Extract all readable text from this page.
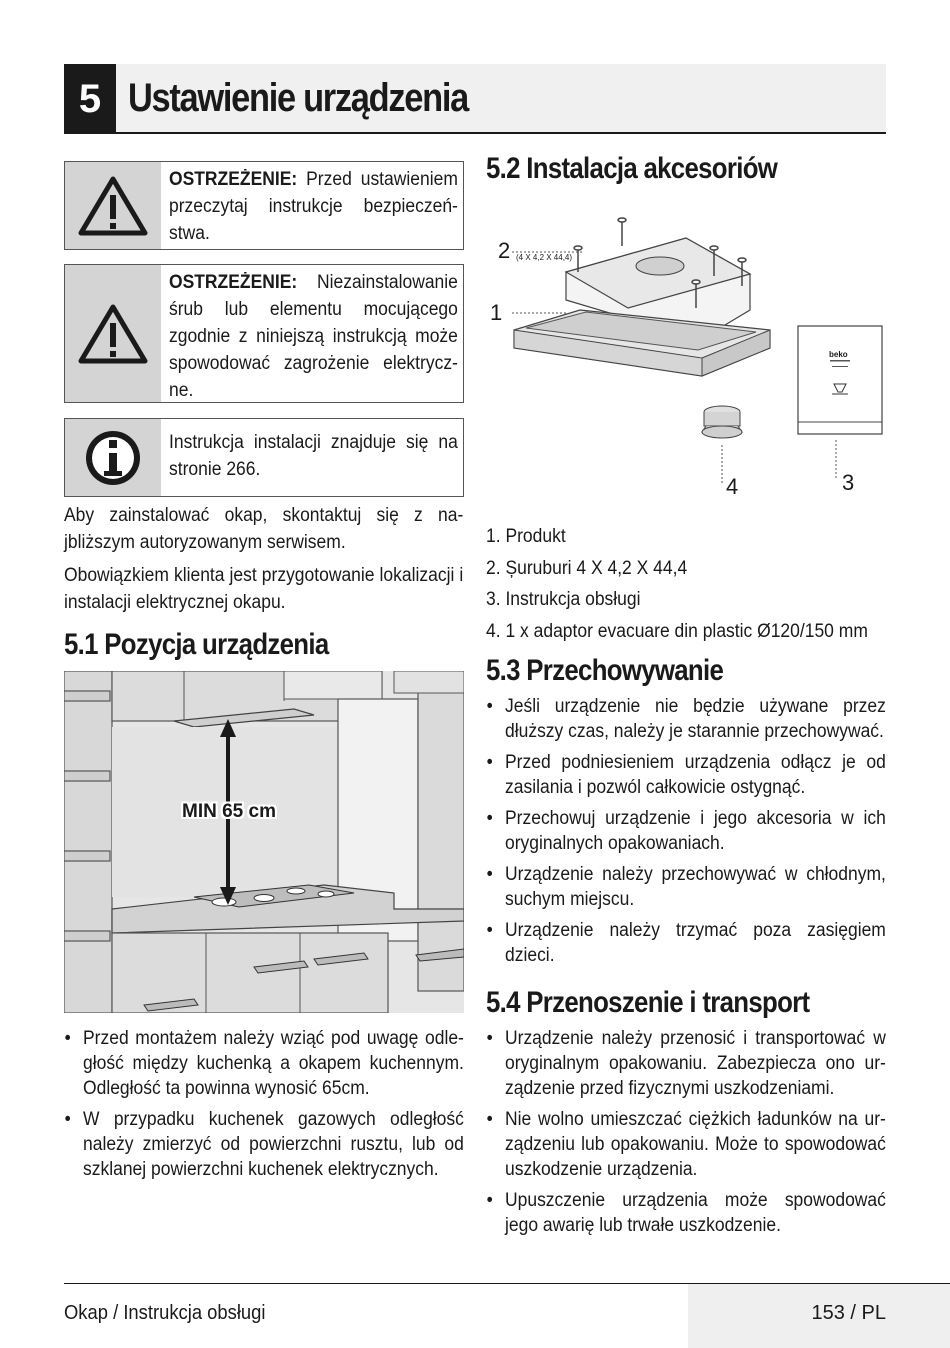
5 Ustawienie urządzenia
OSTRZEŻENIE: Przed ustawieniem przeczytaj instrukcje bezpieczeń-stwa.
OSTRZEŻENIE: Niezainstalowanie śrub lub elementu mocującego zgodnie z niniejszą instrukcją może spowodować zagrożenie elektrycz-ne.
Instrukcja instalacji znajduje się na stronie 266.
Aby zainstalować okap, skontaktuj się z na-jbliższym autoryzowanym serwisem.
Obowiązkiem klienta jest przygotowanie lokalizacji i instalacji elektrycznej okapu.
5.1 Pozycja urządzenia
MIN 65 cm
• Przed montażem należy wziąć pod uwagę odle-głość między kuchenką a okapem kuchennym. Odległość ta powinna wynosić 65cm.
• W przypadku kuchenek gazowych odległość należy zmierzyć od powierzchni rusztu, lub od szklanej powierzchni kuchenek elektrycznych.
5.2 Instalacja akcesoriów
2 (4 X 4,2 X 44,4)
1
4	3
beko
1. Produkt
2. Șuruburi 4 X 4,2 X 44,4
3. Instrukcja obsługi
4. 1 x adaptor evacuare din plastic Ø120/150 mm
5.3 Przechowywanie
• Jeśli urządzenie nie będzie używane przez dłuższy czas, należy je starannie przechowywać.
• Przed podniesieniem urządzenia odłącz je od zasilania i pozwól całkowicie ostygnąć.
• Przechowuj urządzenie i jego akcesoria w ich oryginalnych opakowaniach.
• Urządzenie należy przechowywać w chłodnym, suchym miejscu.
• Urządzenie należy trzymać poza zasięgiem dzieci.
5.4 Przenoszenie i transport
• Urządzenie należy przenosić i transportować w oryginalnym opakowaniu. Zabezpiecza ono ur-ządzenie przed fizycznymi uszkodzeniami.
• Nie wolno umieszczać ciężkich ładunków na ur-ządzeniu lub opakowaniu. Może to spowodować uszkodzenie urządzenia.
• Upuszczenie urządzenia może spowodować jego awarię lub trwałe uszkodzenie.
Okap / Instrukcja obsługi	153 / PL
